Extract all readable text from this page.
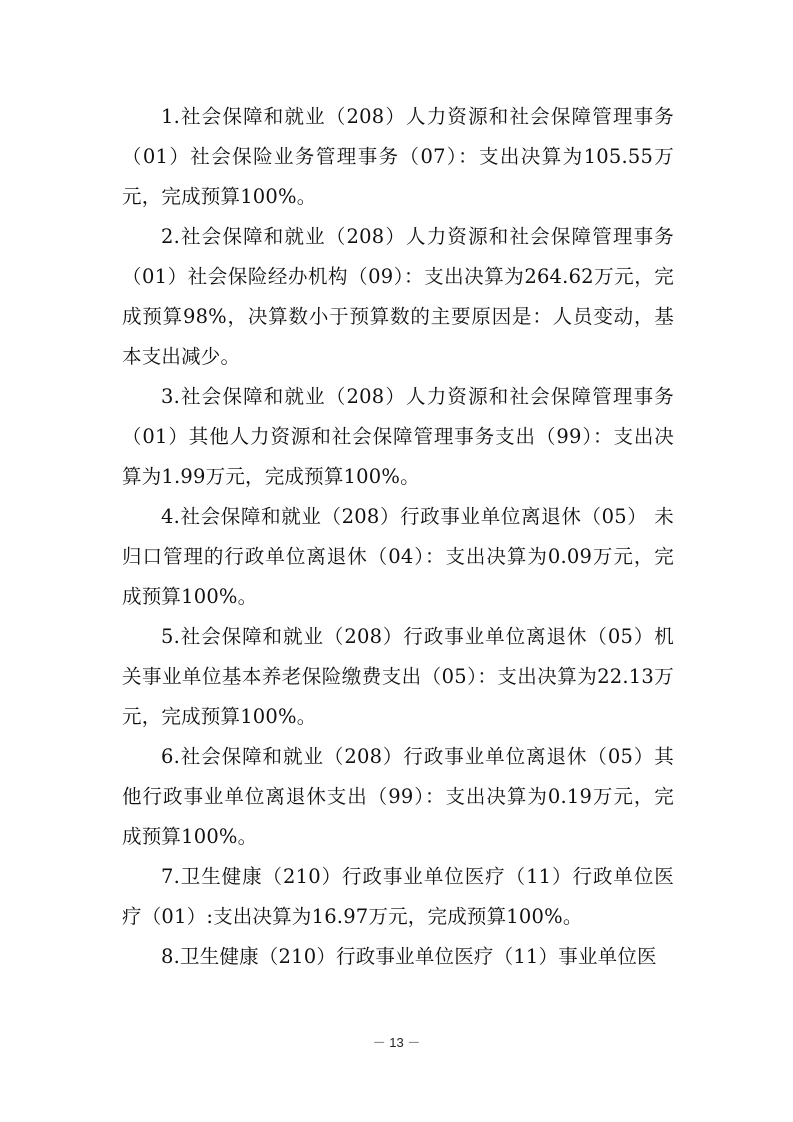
1.社会保障和就业（208）人力资源和社会保障管理事务（01）社会保险业务管理事务（07）：支出决算为105.55万元，完成预算100%。

2.社会保障和就业（208）人力资源和社会保障管理事务（01）社会保险经办机构（09）：支出决算为264.62万元，完成预算98%，决算数小于预算数的主要原因是：人员变动，基本支出减少。

3.社会保障和就业（208）人力资源和社会保障管理事务（01）其他人力资源和社会保障管理事务支出（99）：支出决算为1.99万元，完成预算100%。

4.社会保障和就业（208）行政事业单位离退休（05） 未归口管理的行政单位离退休（04）：支出决算为0.09万元，完成预算100%。

5.社会保障和就业（208）行政事业单位离退休（05）机关事业单位基本养老保险缴费支出（05）：支出决算为22.13万元，完成预算100%。

6.社会保障和就业（208）行政事业单位离退休（05）其他行政事业单位离退休支出（99）：支出决算为0.19万元，完成预算100%。

7.卫生健康（210）行政事业单位医疗（11）行政单位医疗（01）:支出决算为16.97万元，完成预算100%。

8.卫生健康（210）行政事业单位医疗（11）事业单位医

－ 13 －
